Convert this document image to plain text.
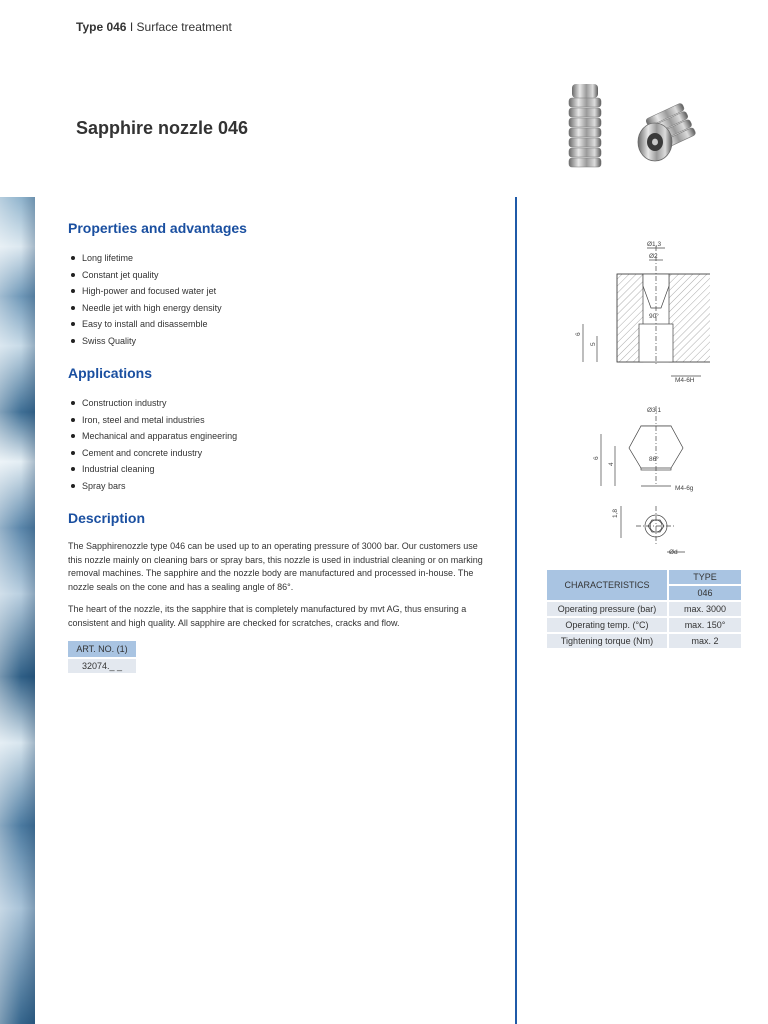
Type 046 I Surface treatment
Sapphire nozzle 046
Properties and advantages
Long lifetime
Constant jet quality
High-power and focused water jet
Needle jet with high energy density
Easy to install and disassemble
Swiss Quality
Applications
Construction industry
Iron, steel and metal industries
Mechanical and apparatus engineering
Cement and concrete industry
Industrial cleaning
Spray bars
Description

The Sapphirenozzle type 046 can be used up to an operating pressure of 3000 bar. Our customers use this nozzle mainly on cleaning bars or spray bars, this nozzle is used in industrial cleaning or on marking removal machines. The sapphire and the nozzle body are manufactured and processed in-house. The nozzle seals on the cone and has a sealing angle of 86°.

The heart of the nozzle, its the sapphire that is completely manufactured by mvt AG, thus ensuring a consistent and high quality. All sapphire are checked for scratches, cracks and flow.

ART. NO. (1)
32074._ _
Ø1,3
Ø2
90°
6
5
M4-6H
Ø3,1
6
4
86°
M4-6g
1,8
Ød
CHARACTERISTICS	TYPE
	046
Operating pressure (bar)	max. 3000
Operating temp. (°C)	max. 150°
Tightening torque (Nm)	max. 2
